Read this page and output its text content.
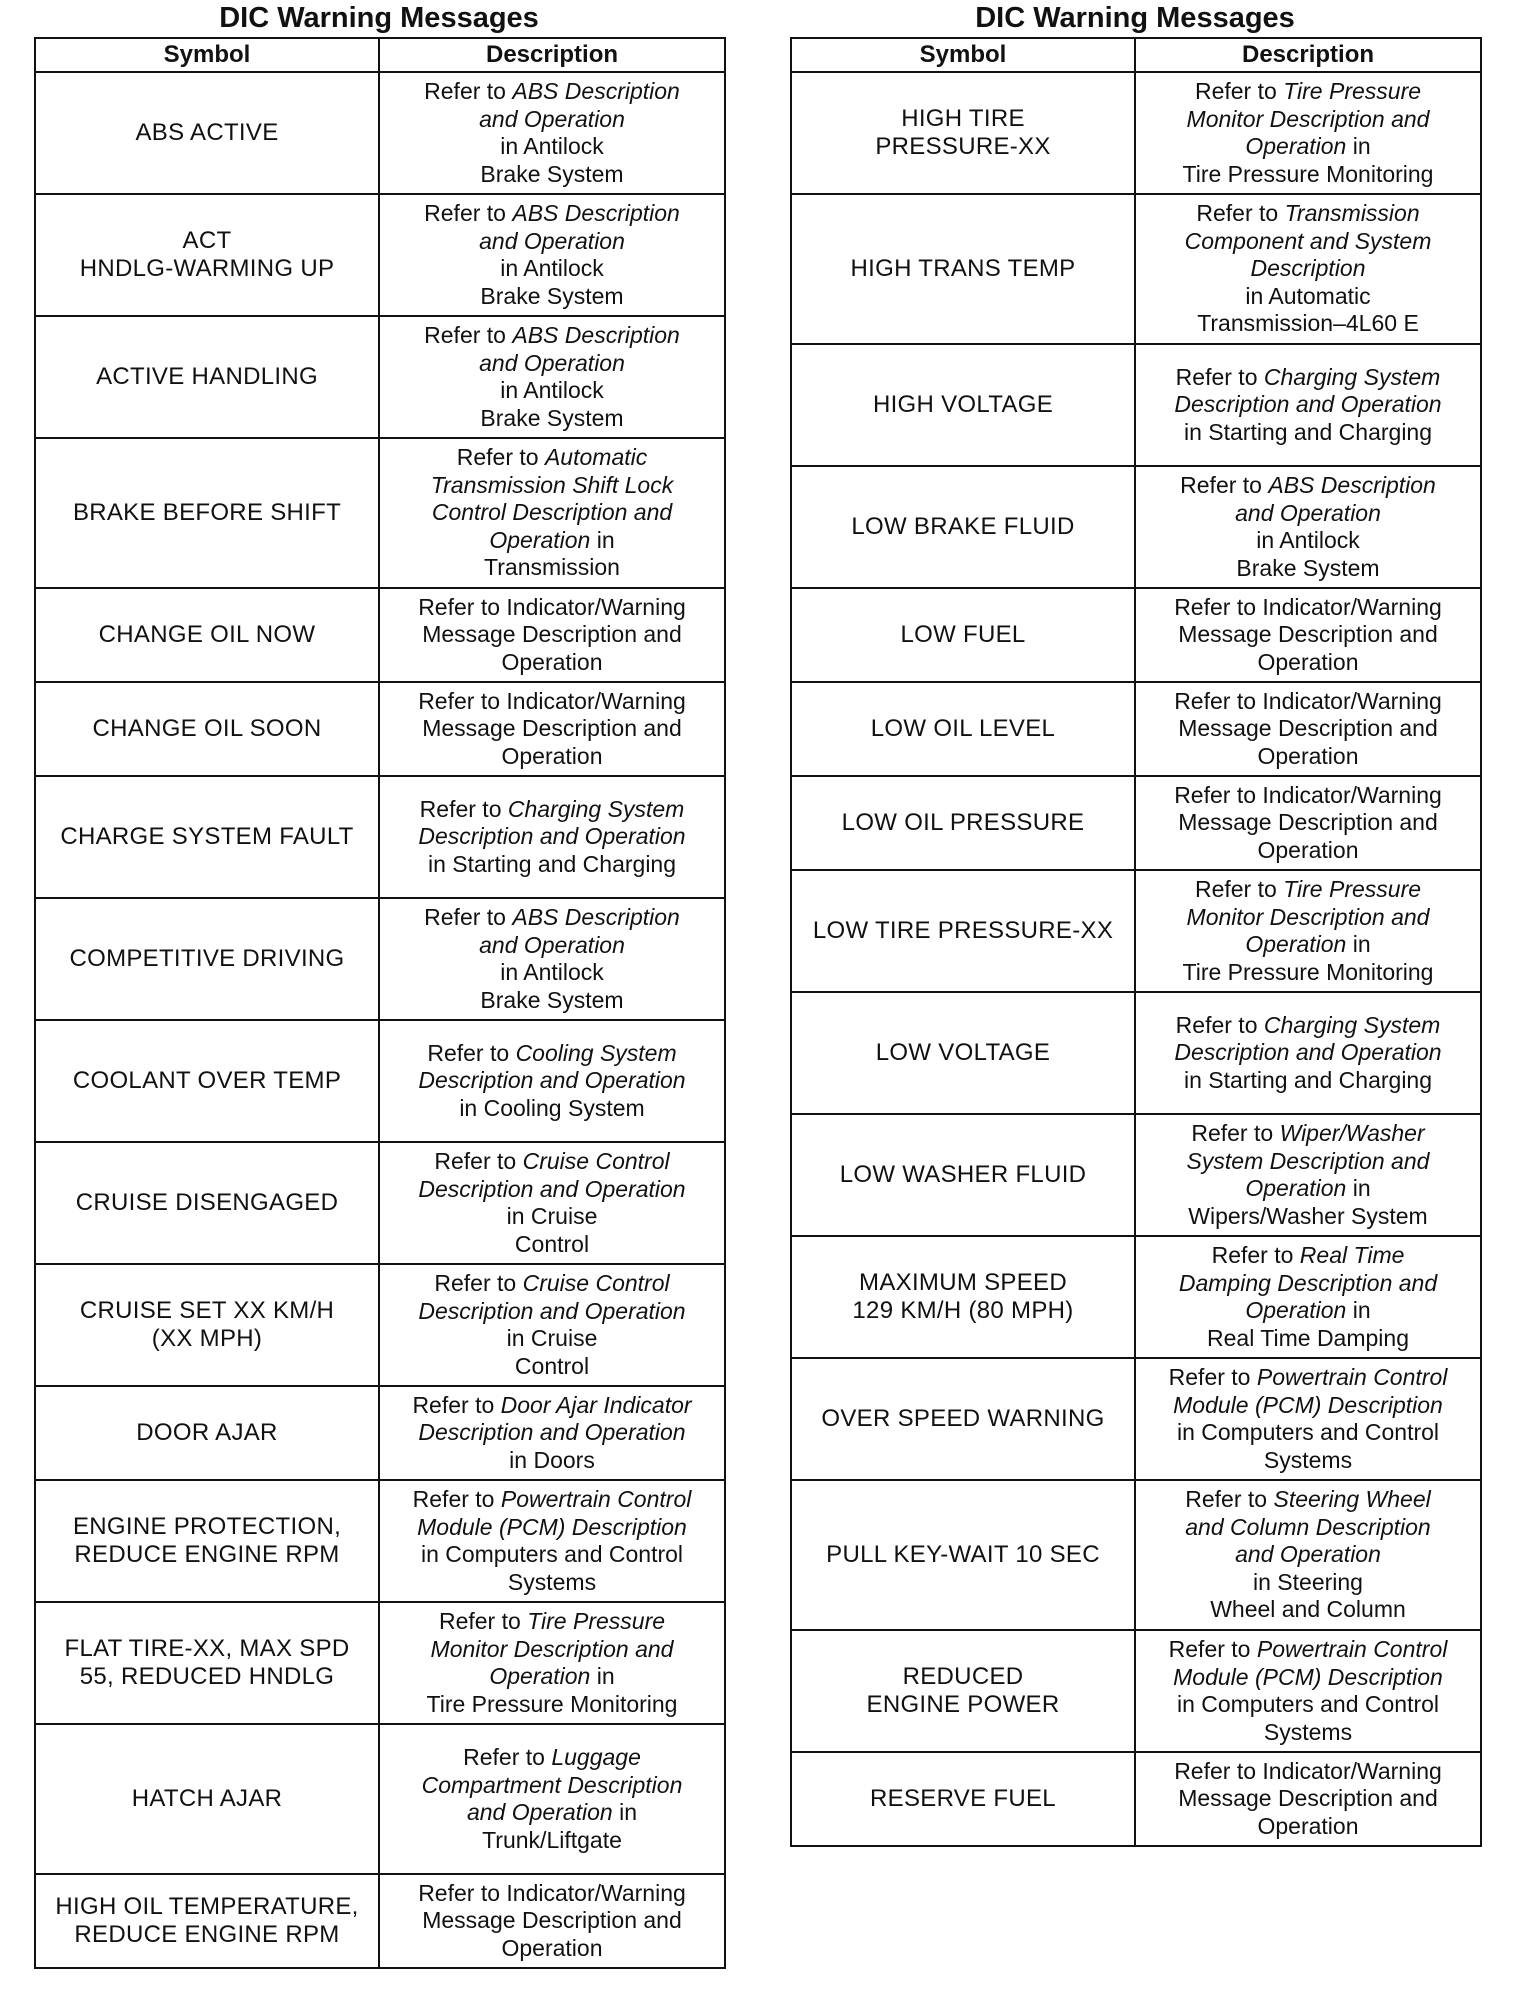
DIC Warning Messages
Symbol	Description

ABS ACTIVE	Refer to ABS Description
and Operation
in Antilock
Brake System

ACT
HNDLG-WARMING UP	Refer to ABS Description
and Operation
in Antilock
Brake System

ACTIVE HANDLING	Refer to ABS Description
and Operation
in Antilock
Brake System

BRAKE BEFORE SHIFT	Refer to Automatic
Transmission Shift Lock
Control Description and
Operation in
Transmission

CHANGE OIL NOW	Refer to Indicator/Warning
Message Description and
Operation

CHANGE OIL SOON	Refer to Indicator/Warning
Message Description and
Operation

CHARGE SYSTEM FAULT	Refer to Charging System
Description and Operation
in Starting and Charging

COMPETITIVE DRIVING	Refer to ABS Description
and Operation
in Antilock
Brake System

COOLANT OVER TEMP	Refer to Cooling System
Description and Operation
in Cooling System

CRUISE DISENGAGED	Refer to Cruise Control
Description and Operation
in Cruise
Control

CRUISE SET XX KM/H
(XX MPH)	Refer to Cruise Control
Description and Operation
in Cruise
Control

DOOR AJAR	Refer to Door Ajar Indicator
Description and Operation
in Doors

ENGINE PROTECTION,
REDUCE ENGINE RPM	Refer to Powertrain Control
Module (PCM) Description
in Computers and Control
Systems

FLAT TIRE-XX, MAX SPD
55, REDUCED HNDLG	Refer to Tire Pressure
Monitor Description and
Operation in
Tire Pressure Monitoring

HATCH AJAR	Refer to Luggage
Compartment Description
and Operation in
Trunk/Liftgate

HIGH OIL TEMPERATURE,
REDUCE ENGINE RPM	Refer to Indicator/Warning
Message Description and
Operation
DIC Warning Messages
Symbol	Description

HIGH TIRE
PRESSURE-XX	Refer to Tire Pressure
Monitor Description and
Operation in
Tire Pressure Monitoring

HIGH TRANS TEMP	Refer to Transmission
Component and System
Description
in Automatic
Transmission–4L60 E

HIGH VOLTAGE	Refer to Charging System
Description and Operation
in Starting and Charging

LOW BRAKE FLUID	Refer to ABS Description
and Operation
in Antilock
Brake System

LOW FUEL	Refer to Indicator/Warning
Message Description and
Operation

LOW OIL LEVEL	Refer to Indicator/Warning
Message Description and
Operation

LOW OIL PRESSURE	Refer to Indicator/Warning
Message Description and
Operation

LOW TIRE PRESSURE-XX	Refer to Tire Pressure
Monitor Description and
Operation in
Tire Pressure Monitoring

LOW VOLTAGE	Refer to Charging System
Description and Operation
in Starting and Charging

LOW WASHER FLUID	Refer to Wiper/Washer
System Description and
Operation in
Wipers/Washer System

MAXIMUM SPEED
129 KM/H (80 MPH)	Refer to Real Time
Damping Description and
Operation in
Real Time Damping

OVER SPEED WARNING	Refer to Powertrain Control
Module (PCM) Description
in Computers and Control
Systems

PULL KEY-WAIT 10 SEC	Refer to Steering Wheel
and Column Description
and Operation
in Steering
Wheel and Column

REDUCED
ENGINE POWER	Refer to Powertrain Control
Module (PCM) Description
in Computers and Control
Systems

RESERVE FUEL	Refer to Indicator/Warning
Message Description and
Operation
